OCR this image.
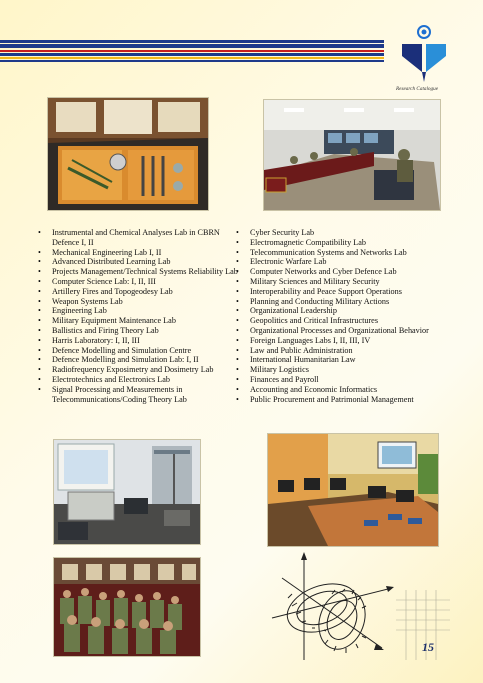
Research Catalogue
• Instrumental and Chemical Analyses Lab in CBRN Defence I, II
• Mechanical Engineering Lab I, II
• Advanced Distributed Learning Lab
• Projects Management/Technical Systems Reliability Lab
• Computer Science Lab: I, II, III
• Artillery Fires and Topogeodesy Lab
• Weapon Systems Lab
• Engineering Lab
• Military Equipment Maintenance Lab
• Ballistics and Firing Theory Lab
• Harris Laboratory: I, II, III
• Defence Modelling and Simulation Centre
• Defence Modelling and Simulation Lab: I, II
• Radiofrequency Exposimetry and Dosimetry Lab
• Electrotechnics and Electronics Lab
• Signal Processing and Measurements in Telecommunications/Coding Theory Lab
• Cyber Security Lab
• Electromagnetic Compatibility Lab
• Telecommunication Systems and Networks Lab
• Electronic Warfare Lab
• Computer Networks and Cyber Defence Lab
• Military Sciences and Military Security
• Interoperability and Peace Support Operations
• Planning and Conducting Military Actions
• Organizational Leadership
• Geopolitics and Critical Infrastructures
• Organizational Processes and Organizational Behavior
• Foreign Languages Labs I, II, III, IV
• Law and Public Administration
• International Humanitarian Law
• Military Logistics
• Finances and Payroll
• Accounting and Economic Informatics
• Public Procurement and Patrimonial Management
15
